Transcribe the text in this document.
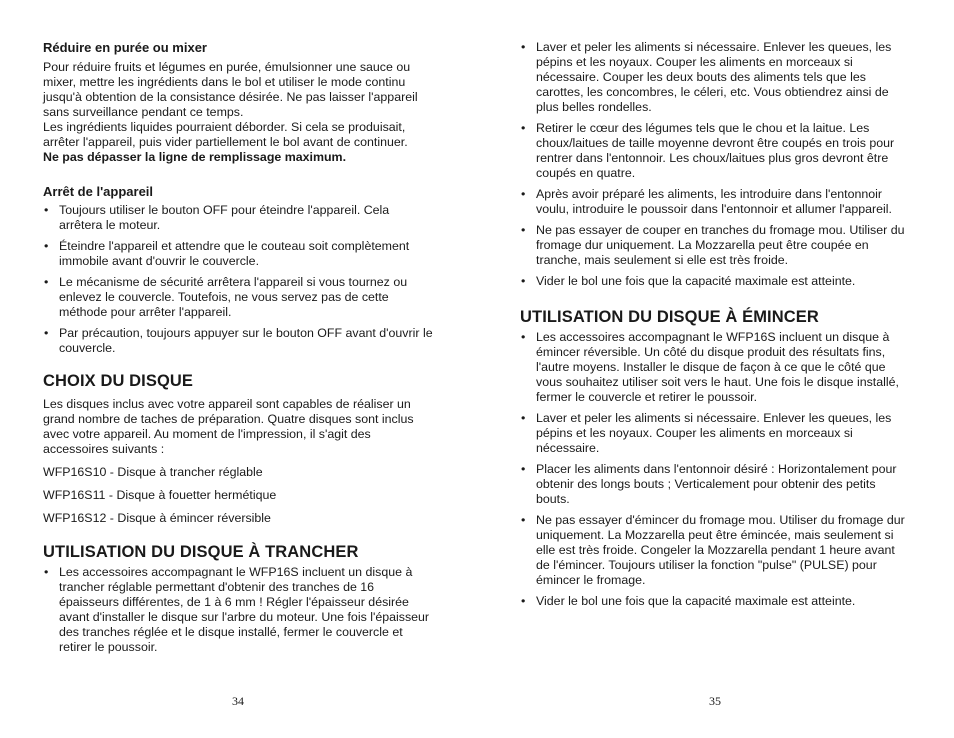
Réduire en purée ou mixer
Pour réduire fruits et légumes en purée, émulsionner une sauce ou mixer, mettre les ingrédients dans le bol et utiliser le mode continu jusqu'à obtention de la consistance désirée. Ne pas laisser l'appareil sans surveillance pendant ce temps.
Les ingrédients liquides pourraient déborder. Si cela se produisait, arrêter l'appareil, puis vider partiellement le bol avant de continuer.
Ne pas dépasser la ligne de remplissage maximum.
Arrêt de l'appareil
• Toujours utiliser le bouton OFF pour éteindre l'appareil. Cela arrêtera le moteur.
• Éteindre l'appareil et attendre que le couteau soit complètement immobile avant d'ouvrir le couvercle.
• Le mécanisme de sécurité arrêtera l'appareil si vous tournez ou enlevez le couvercle. Toutefois, ne vous servez pas de cette méthode pour arrêter l'appareil.
• Par précaution, toujours appuyer sur le bouton OFF avant d'ouvrir le couvercle.
CHOIX DU DISQUE
Les disques inclus avec votre appareil sont capables de réaliser un grand nombre de taches de préparation. Quatre disques sont inclus avec votre appareil. Au moment de l'impression, il s'agit des accessoires suivants :
WFP16S10 - Disque à trancher réglable
WFP16S11 - Disque à fouetter hermétique
WFP16S12 - Disque à émincer réversible
UTILISATION DU DISQUE À TRANCHER
• Les accessoires accompagnant le WFP16S incluent un disque à trancher réglable permettant d'obtenir des tranches de 16 épaisseurs différentes, de 1 à 6 mm ! Régler l'épaisseur désirée avant d'installer le disque sur l'arbre du moteur. Une fois l'épaisseur des tranches réglée et le disque installé, fermer le couvercle et retirer le poussoir.
34
• Laver et peler les aliments si nécessaire. Enlever les queues, les pépins et les noyaux. Couper les aliments en morceaux si nécessaire. Couper les deux bouts des aliments tels que les carottes, les concombres, le céleri, etc. Vous obtiendrez ainsi de plus belles rondelles.
• Retirer le cœur des légumes tels que le chou et la laitue. Les choux/laitues de taille moyenne devront être coupés en trois pour rentrer dans l'entonnoir. Les choux/laitues plus gros devront être coupés en quatre.
• Après avoir préparé les aliments, les introduire dans l'entonnoir voulu, introduire le poussoir dans l'entonnoir et allumer l'appareil.
• Ne pas essayer de couper en tranches du fromage mou. Utiliser du fromage dur uniquement. La Mozzarella peut être coupée en tranche, mais seulement si elle est très froide.
• Vider le bol une fois que la capacité maximale est atteinte.
UTILISATION DU DISQUE À ÉMINCER
• Les accessoires accompagnant le WFP16S incluent un disque à émincer réversible. Un côté du disque produit des résultats fins, l'autre moyens. Installer le disque de façon à ce que le côté que vous souhaitez utiliser soit vers le haut. Une fois le disque installé, fermer le couvercle et retirer le poussoir.
• Laver et peler les aliments si nécessaire. Enlever les queues, les pépins et les noyaux. Couper les aliments en morceaux si nécessaire.
• Placer les aliments dans l'entonnoir désiré : Horizontalement pour obtenir des longs bouts ; Verticalement pour obtenir des petits bouts.
• Ne pas essayer d'émincer du fromage mou. Utiliser du fromage dur uniquement. La Mozzarella peut être émincée, mais seulement si elle est très froide. Congeler la Mozzarella pendant 1 heure avant de l'émincer. Toujours utiliser la fonction "pulse" (PULSE) pour émincer le fromage.
• Vider le bol une fois que la capacité maximale est atteinte.
35
